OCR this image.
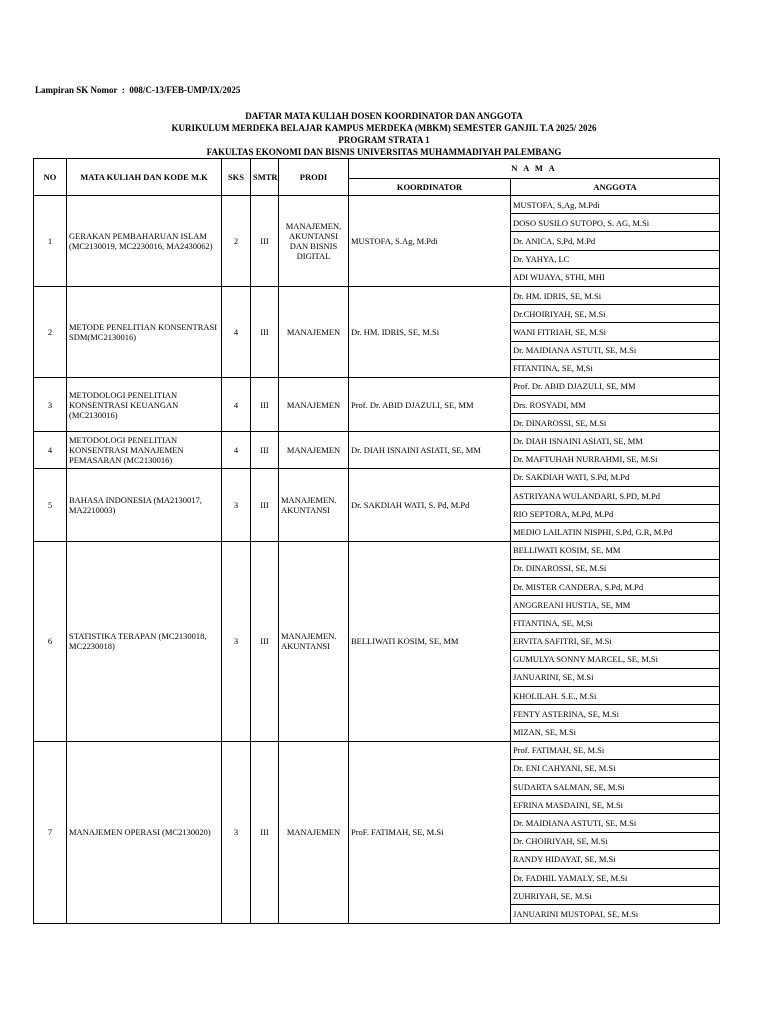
Lampiran SK Nomor  :  008/C-13/FEB-UMP/IX/2025
DAFTAR MATA KULIAH DOSEN KOORDINATOR DAN ANGGOTA
KURIKULUM MERDEKA BELAJAR KAMPUS MERDEKA (MBKM) SEMESTER GANJIL T.A 2025/ 2026
PROGRAM STRATA 1
FAKULTAS EKONOMI DAN BISNIS UNIVERSITAS MUHAMMADIYAH PALEMBANG
NO	MATA KULIAH DAN KODE M.K	SKS	SMTR	PRODI	N A M A	
					KOORDINATOR	ANGGOTA
1	GERAKAN PEMBAHARUAN ISLAM (MC2130019, MC2230016, MA2430062)	2	III	MANAJEMEN, AKUNTANSI DAN BISNIS DIGITAL	MUSTOFA, S.Ag, M.Pdi	MUSTOFA, S,Ag, M.Pdi
						DOSO SUSILO SUTOPO, S. AG, M.Si
						Dr. ANICA, S,Pd, M.Pd
						Dr. YAHYA, LC
						ADI WIJAYA, STHI, MHI
2	METODE PENELITIAN KONSENTRASI SDM(MC2130016)	4	III	MANAJEMEN	Dr. HM. IDRIS, SE, M.Si	Dr. HM. IDRIS, SE, M.Si
						Dr.CHOIRIYAH, SE, M.Si
						WANI FITRIAH, SE, M.Si
						Dr. MAIDIANA ASTUTI, SE, M.Si
						FITANTINA, SE, M,Si
3	METODOLOGI PENELITIAN KONSENTRASI KEUANGAN (MC2130016)	4	III	MANAJEMEN	Prof. Dr. ABID DJAZULI, SE, MM	Prof. Dr. ABID DJAZULI, SE, MM
						Drs. ROSYADI, MM
						Dr. DINAROSSI, SE, M.Si
4	METODOLOGI PENELITIAN KONSENTRASI MANAJEMEN PEMASARAN (MC2130016)	4	III	MANAJEMEN	Dr. DIAH ISNAINI ASIATI, SE, MM	Dr. DIAH ISNAINI ASIATI, SE, MM
						Dr. MAFTUHAH NURRAHMI, SE, M.Si
5	BAHASA INDONESIA (MA2130017, MA2210003)	3	III	MANAJEMEN. AKUNTANSI	Dr. SAKDIAH WATI, S. Pd, M.Pd	Dr. SAKDIAH WATI, S.Pd, M.Pd
						ASTRIYANA WULANDARI, S.PD, M.Pd
						RIO SEPTORA, M.Pd, M.Pd
						MEDIO LAILATIN NISPHI, S.Pd, G.R, M.Pd
6	STATISTIKA TERAPAN (MC2130018, MC2230018)	3	III	MANAJEMEN. AKUNTANSI	BELLIWATI KOSIM, SE, MM	BELLIWATI KOSIM, SE, MM
						Dr. DINAROSSI, SE, M.Si
						Dr. MISTER CANDERA, S.Pd, M.Pd
						ANGGREANI HUSTIA, SE, MM
						FITANTINA, SE, M,Si
						ERVITA SAFITRI, SE, M.Si
						GUMULYA SONNY MARCEL, SE, M.Si
						JANUARINI, SE, M.Si
						KHOLILAH. S.E., M.Si
						FENTY ASTERINA, SE, M.Si
						MIZAN, SE, M.Si
7	MANAJEMEN OPERASI (MC2130020)	3	III	MANAJEMEN	ProF. FATIMAH, SE, M.Si	Prof. FATIMAH, SE, M.Si
						Dr. ENI CAHYANI, SE, M.Si
						SUDARTA SALMAN, SE, M.Si
						EFRINA MASDAINI, SE, M.Si
						Dr. MAIDIANA ASTUTI, SE, M.Si
						Dr. CHOIRIYAH, SE, M.Si
						RANDY HIDAYAT, SE, M.Si
						Dr. FADHIL YAMALY, SE, M.Si
						ZUHRIYAH, SE, M.Si
						JANUARINI MUSTOPAI, SE, M.Si
